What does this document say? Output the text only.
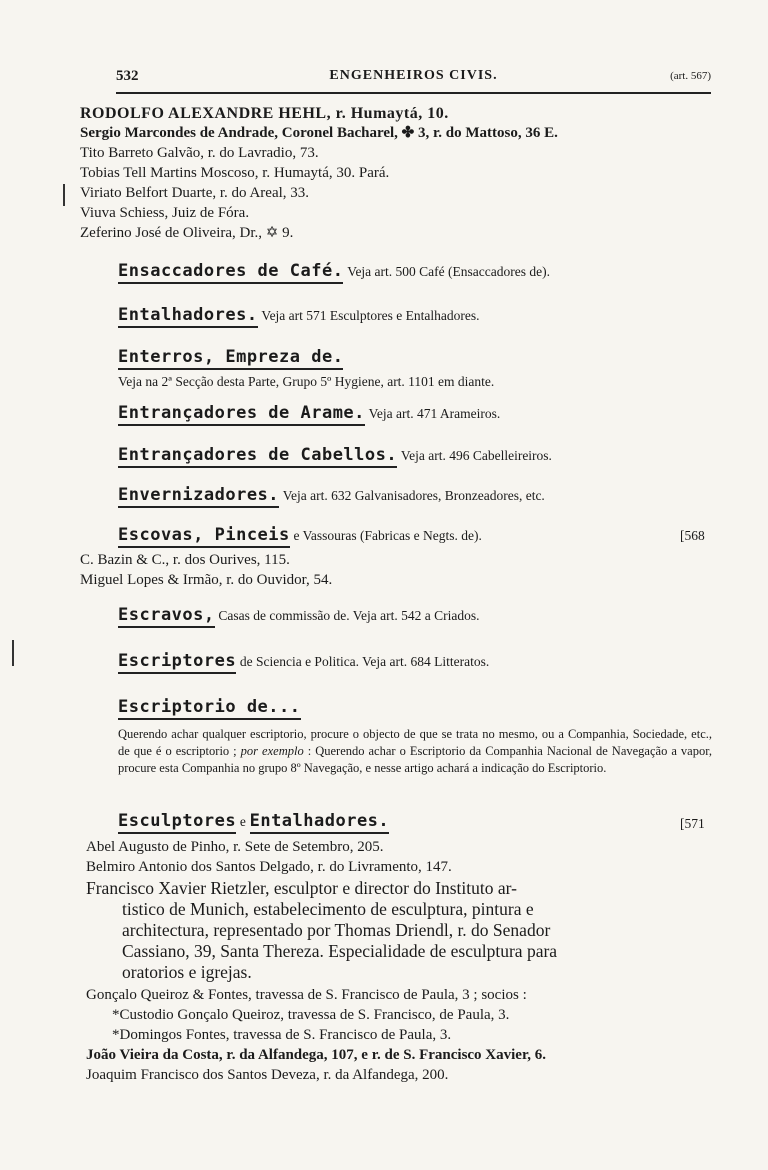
532	ENGENHEIROS CIVIS.	(art. 567)
RODOLFO ALEXANDRE HEHL, r. Humaytá, 10.
Sergio Marcondes de Andrade, Coronel Bacharel, ✤ 3, r. do Mattoso, 36 E.
Tito Barreto Galvão, r. do Lavradio, 73.
Tobias Tell Martins Moscoso, r. Humaytá, 30. Pará.
Viriato Belfort Duarte, r. do Areal, 33.
Viuva Schiess, Juiz de Fóra.
Zeferino José de Oliveira, Dr., ✡ 9.
Ensaccadores de Café. Veja art. 500 Café (Ensaccadores de).
Entalhadores. Veja art 571 Esculptores e Entalhadores.
Enterros, Empreza de.
Veja na 2ª Secção desta Parte, Grupo 5º Hygiene, art. 1101 em diante.
Entrançadores de Arame. Veja art. 471 Arameiros.
Entrançadores de Cabellos. Veja art. 496 Cabelleireiros.
Envernizadores. Veja art. 632 Galvanisadores, Bronzeadores, etc.
Escovas, Pinceis e Vassouras (Fabricas e Negts. de).	[568
C. Bazin & C., r. dos Ourives, 115.
Miguel Lopes & Irmão, r. do Ouvidor, 54.
Escravos, Casas de commissão de. Veja art. 542 a Criados.
Escriptores de Sciencia e Politica. Veja art. 684 Litteratos.
Escriptorio de...
Querendo achar qualquer escriptorio, procure o objecto de que se trata no mesmo, ou a Companhia, Sociedade, etc., de que é o escriptorio ; por exemplo : Querendo achar o Escriptorio da Companhia Nacional de Navegação a vapor, procure esta Companhia no grupo 8º Navegação, e nesse artigo achará a indicação do Escriptorio.
Esculptores e Entalhadores.	[571
Abel Augusto de Pinho, r. Sete de Setembro, 205.
Belmiro Antonio dos Santos Delgado, r. do Livramento, 147.
Francisco Xavier Rietzler, esculptor e director do Instituto ar-
tistico de Munich, estabelecimento de esculptura, pintura e
architectura, representado por Thomas Driendl, r. do Senador
Cassiano, 39, Santa Thereza. Especialidade de esculptura para
oratorios e igrejas.
Gonçalo Queiroz & Fontes, travessa de S. Francisco de Paula, 3 ; socios :
*Custodio Gonçalo Queiroz, travessa de S. Francisco, de Paula, 3.
*Domingos Fontes, travessa de S. Francisco de Paula, 3.
João Vieira da Costa, r. da Alfandega, 107, e r. de S. Francisco Xavier, 6.
Joaquim Francisco dos Santos Deveza, r. da Alfandega, 200.
